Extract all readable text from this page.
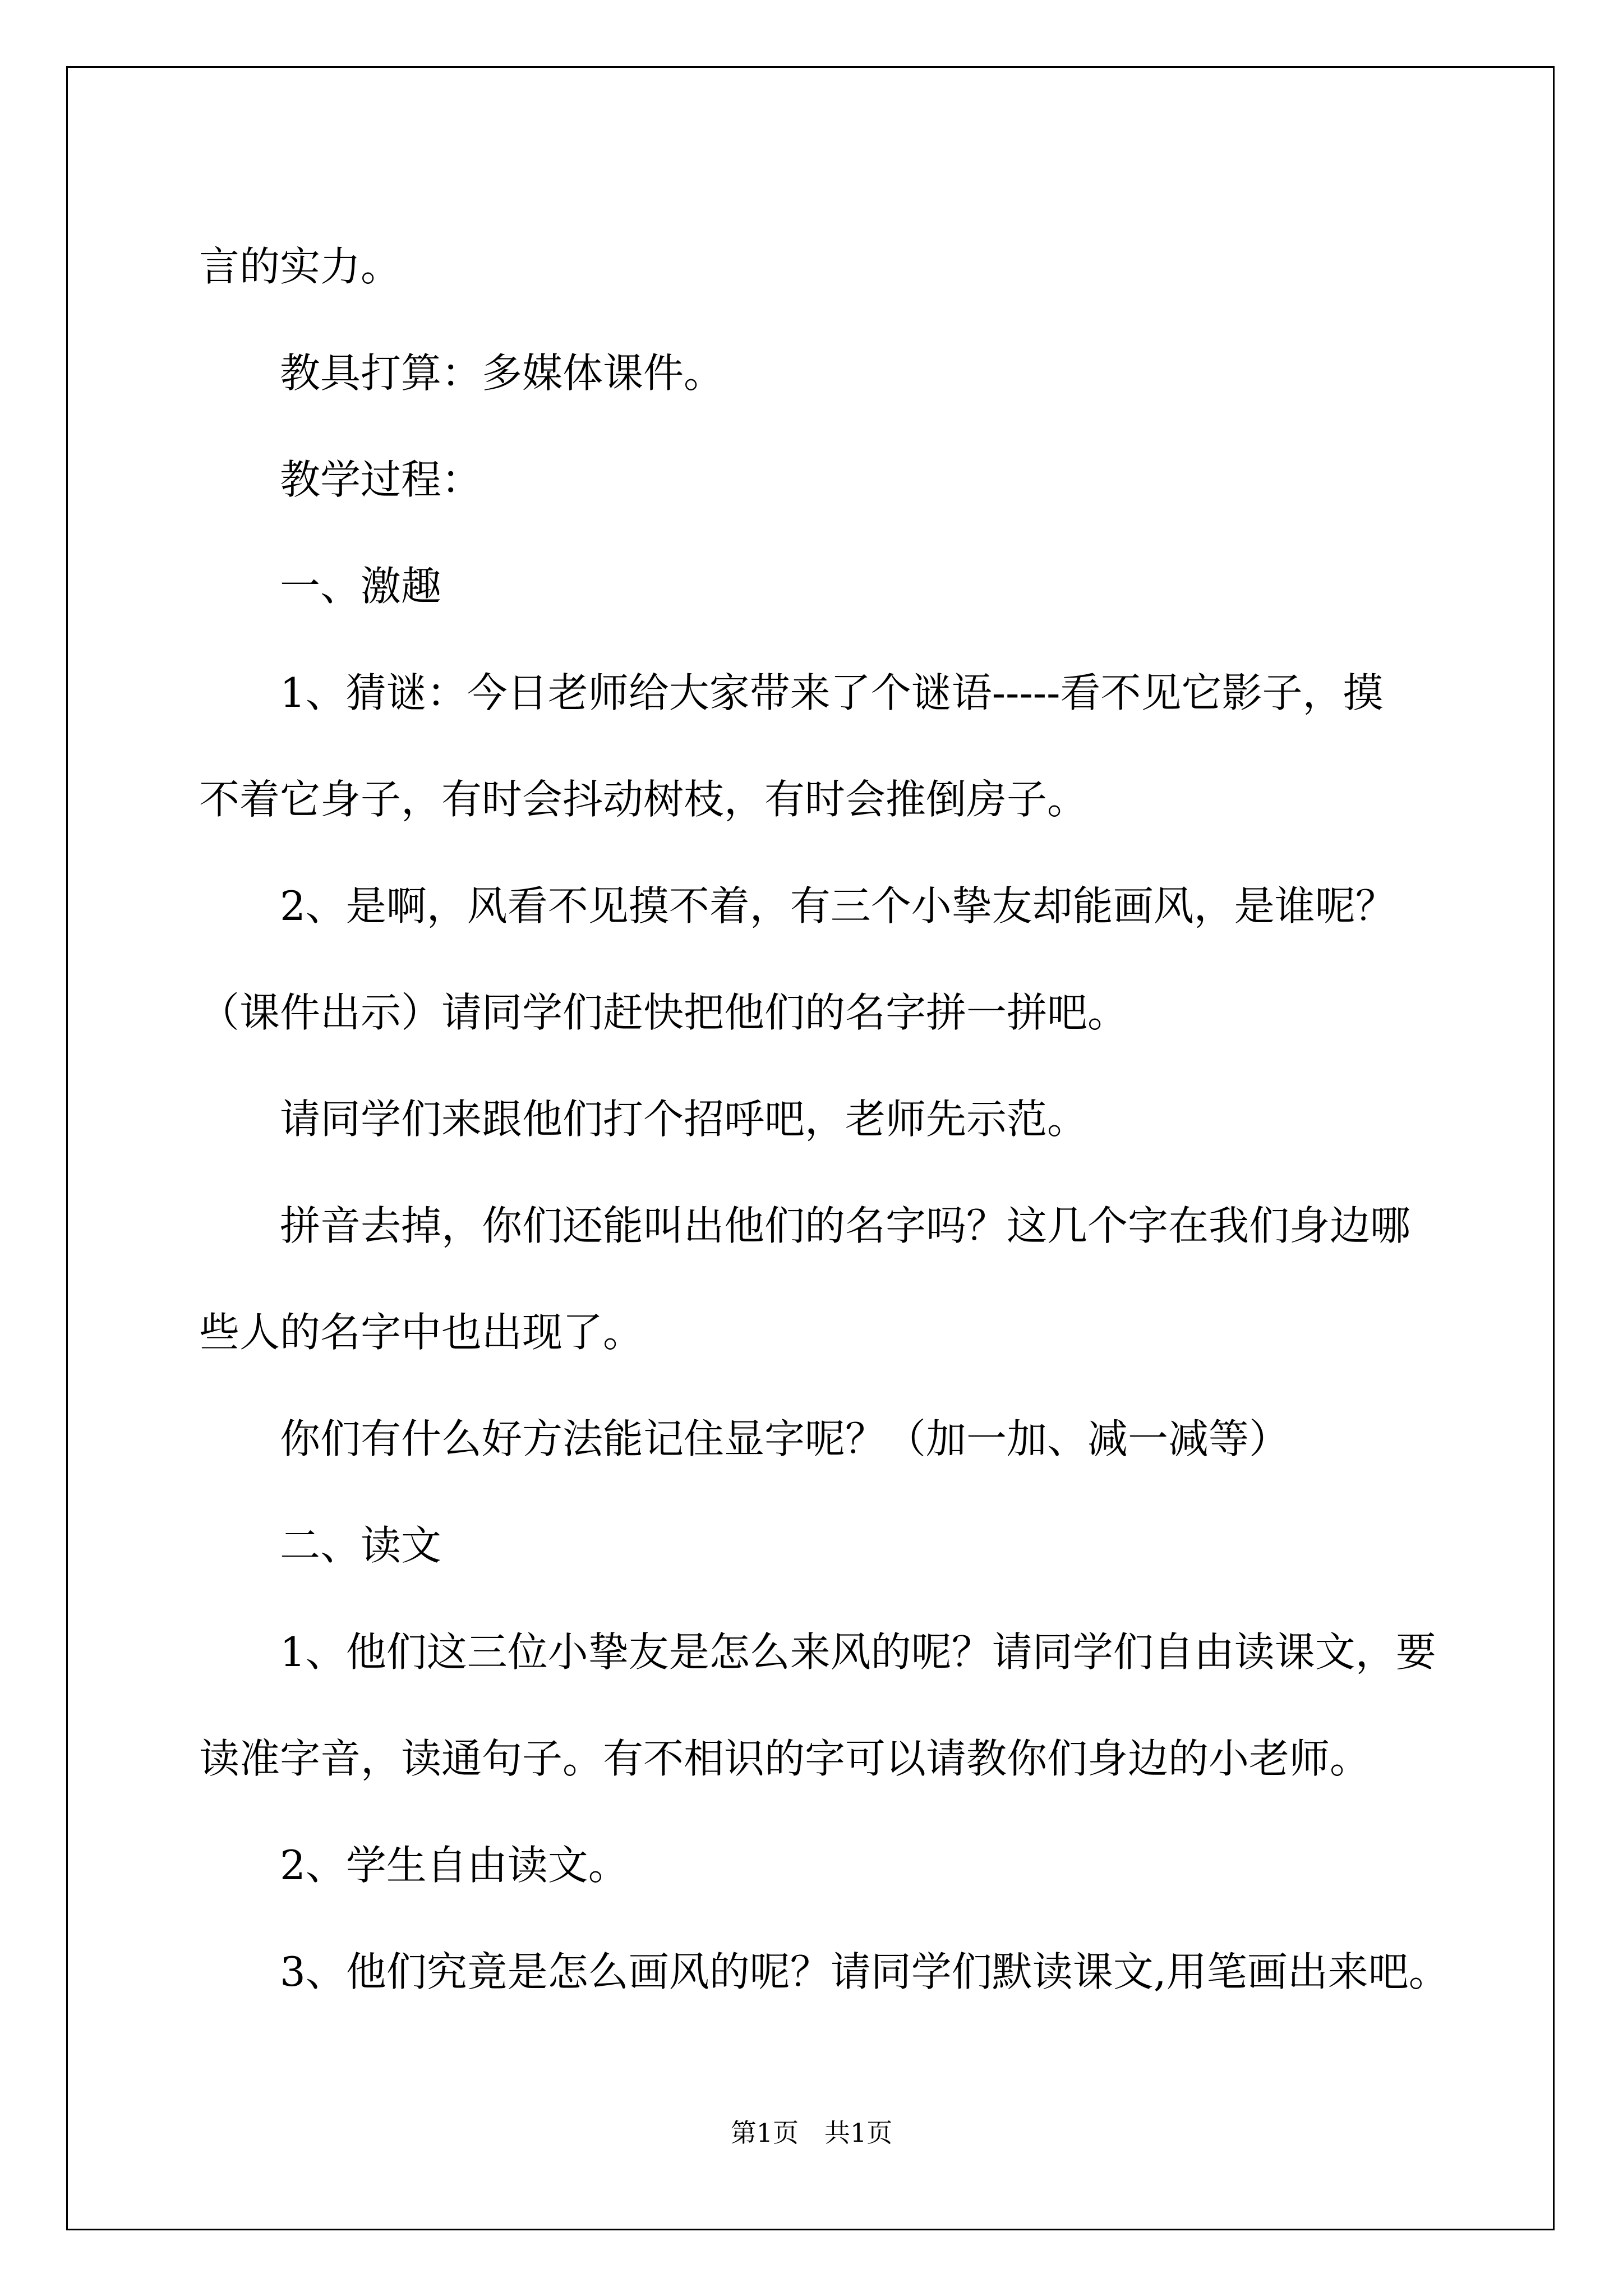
言的实力。

教具打算：多媒体课件。

教学过程：

一、激趣

1、猜谜：今日老师给大家带来了个谜语-----看不见它影子，摸

不着它身子，有时会抖动树枝，有时会推倒房子。

2、是啊，风看不见摸不着，有三个小挚友却能画风，是谁呢？

（课件出示）请同学们赶快把他们的名字拼一拼吧。

请同学们来跟他们打个招呼吧，老师先示范。

拼音去掉，你们还能叫出他们的名字吗？这几个字在我们身边哪

些人的名字中也出现了。

你们有什么好方法能记住显字呢？（加一加、减一减等）

二、读文

1、他们这三位小挚友是怎么来风的呢？请同学们自由读课文，要

读准字音，读通句子。有不相识的字可以请教你们身边的小老师。

2、学生自由读文。

3、他们究竟是怎么画风的呢？请同学们默读课文,用笔画出来吧。

第1页　共1页
